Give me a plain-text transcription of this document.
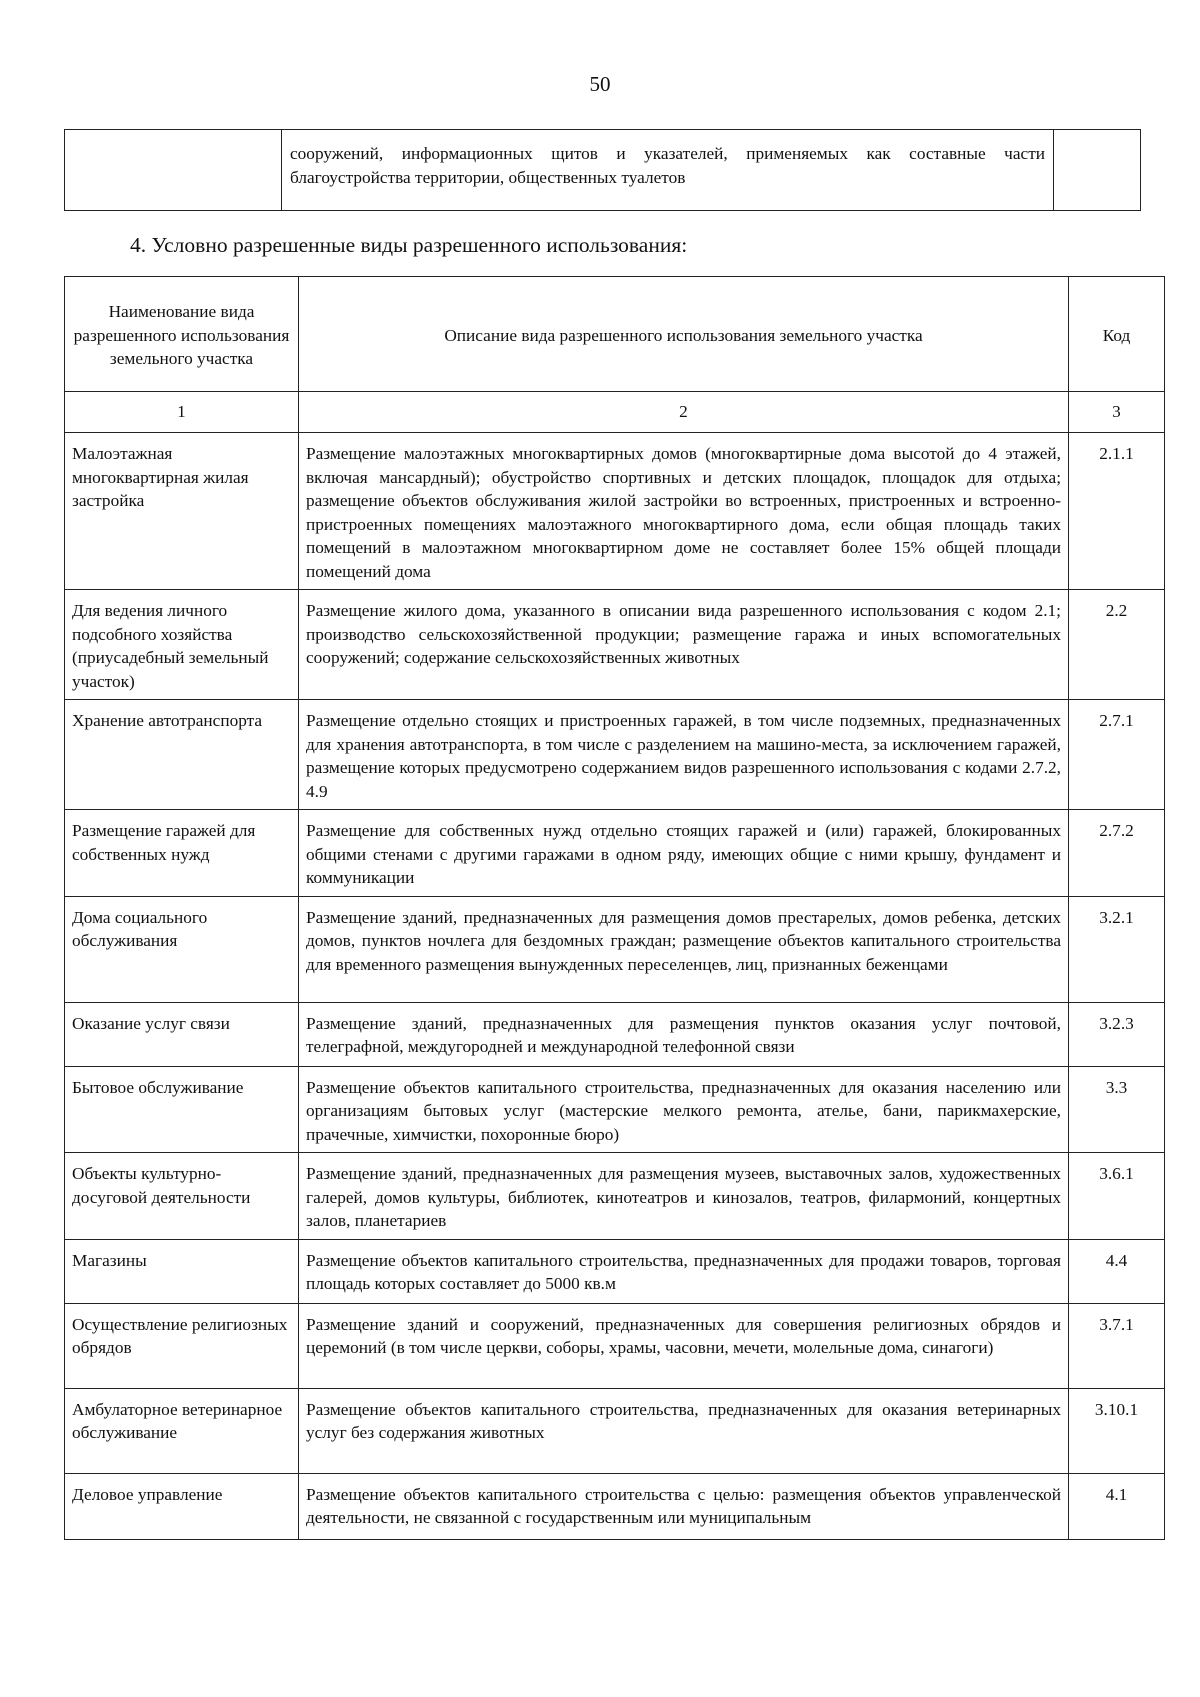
50
	сооружений, информационных щитов и указателей, применяемых как составные части благоустройства территории, общественных туалетов	
4. Условно разрешенные виды разрешенного использования:
Наименование вида разрешенного использования земельного участка	Описание вида разрешенного использования земельного участка	Код
1	2	3
Малоэтажная многоквартирная жилая застройка	Размещение малоэтажных многоквартирных домов (многоквартирные дома высотой до 4 этажей, включая мансардный); обустройство спортивных и детских площадок, площадок для отдыха; размещение объектов обслуживания жилой застройки во встроенных, пристроенных и встроенно-пристроенных помещениях малоэтажного многоквартирного дома, если общая площадь таких помещений в малоэтажном многоквартирном доме не составляет более 15% общей площади помещений дома	2.1.1
Для ведения личного подсобного хозяйства (приусадебный земельный участок)	Размещение жилого дома, указанного в описании вида разрешенного использования с кодом 2.1; производство сельскохозяйственной продукции; размещение гаража и иных вспомогательных сооружений; содержание сельскохозяйственных животных	2.2
Хранение автотранспорта	Размещение отдельно стоящих и пристроенных гаражей, в том числе подземных, предназначенных для хранения автотранспорта, в том числе с разделением на машино-места, за исключением гаражей, размещение которых предусмотрено содержанием видов разрешенного использования с кодами 2.7.2, 4.9	2.7.1
Размещение гаражей для собственных нужд	Размещение для собственных нужд отдельно стоящих гаражей и (или) гаражей, блокированных общими стенами с другими гаражами в одном ряду, имеющих общие с ними крышу, фундамент и коммуникации	2.7.2
Дома социального обслуживания	Размещение зданий, предназначенных для размещения домов престарелых, домов ребенка, детских домов, пунктов ночлега для бездомных граждан; размещение объектов капитального строительства для временного размещения вынужденных переселенцев, лиц, признанных беженцами	3.2.1
Оказание услуг связи	Размещение зданий, предназначенных для размещения пунктов оказания услуг почтовой, телеграфной, междугородней и международной телефонной связи	3.2.3
Бытовое обслуживание	Размещение объектов капитального строительства, предназначенных для оказания населению или организациям бытовых услуг (мастерские мелкого ремонта, ателье, бани, парикмахерские, прачечные, химчистки, похоронные бюро)	3.3
Объекты культурно-досуговой деятельности	Размещение зданий, предназначенных для размещения музеев, выставочных залов, художественных галерей, домов культуры, библиотек, кинотеатров и кинозалов, театров, филармоний, концертных залов, планетариев	3.6.1
Магазины	Размещение объектов капитального строительства, предназначенных для продажи товаров, торговая площадь которых составляет до 5000 кв.м	4.4
Осуществление религиозных обрядов	Размещение зданий и сооружений, предназначенных для совершения религиозных обрядов и церемоний (в том числе церкви, соборы, храмы, часовни, мечети, молельные дома, синагоги)	3.7.1
Амбулаторное ветеринарное обслуживание	Размещение объектов капитального строительства, предназначенных для оказания ветеринарных услуг без содержания животных	3.10.1
Деловое управление	Размещение объектов капитального строительства с целью: размещения объектов управленческой деятельности, не связанной с государственным или муниципальным	4.1
